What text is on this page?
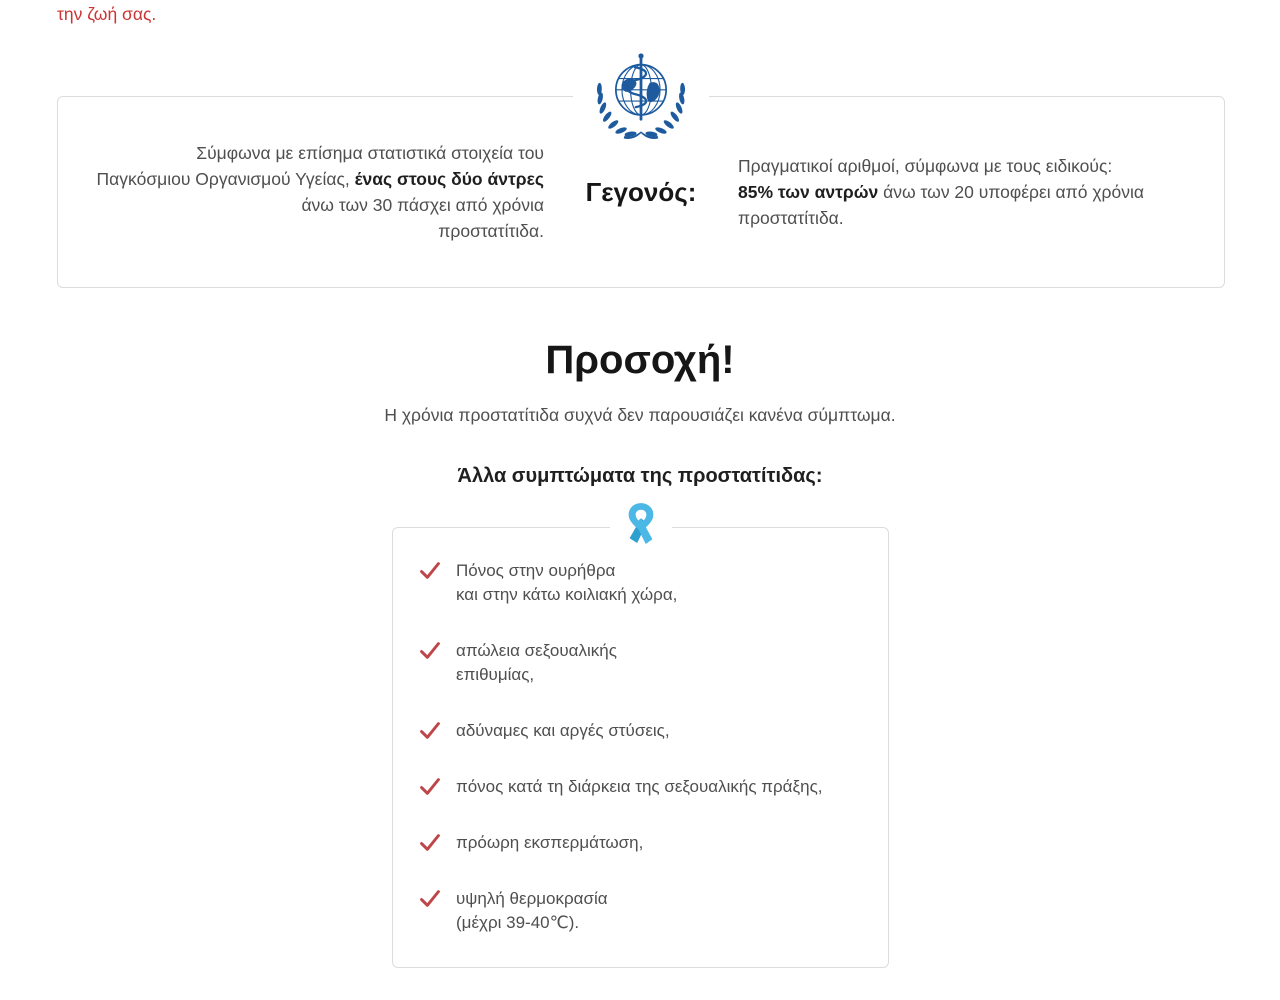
την ζωή σας.

Σύμφωνα με επίσημα στατιστικά στοιχεία του
Παγκόσμιου Οργανισμού Υγείας, ένας στους δύο άντρες
άνω των 30 πάσχει από χρόνια
προστατίτιδα.

Γεγονός:

Πραγματικοί αριθμοί, σύμφωνα με τους ειδικούς:
85% των αντρών άνω των 20 υποφέρει από χρόνια
προστατίτιδα.

Προσοχή!

Η χρόνια προστατίτιδα συχνά δεν παρουσιάζει κανένα σύμπτωμα.

Άλλα συμπτώματα της προστατίτιδας:
Πόνος στην ουρήθρα
και στην κάτω κοιλιακή χώρα,
απώλεια σεξουαλικής
επιθυμίας,
αδύναμες και αργές στύσεις,
πόνος κατά τη διάρκεια της σεξουαλικής πράξης,
πρόωρη εκσπερμάτωση,
υψηλή θερμοκρασία
(μέχρι 39-40℃).
